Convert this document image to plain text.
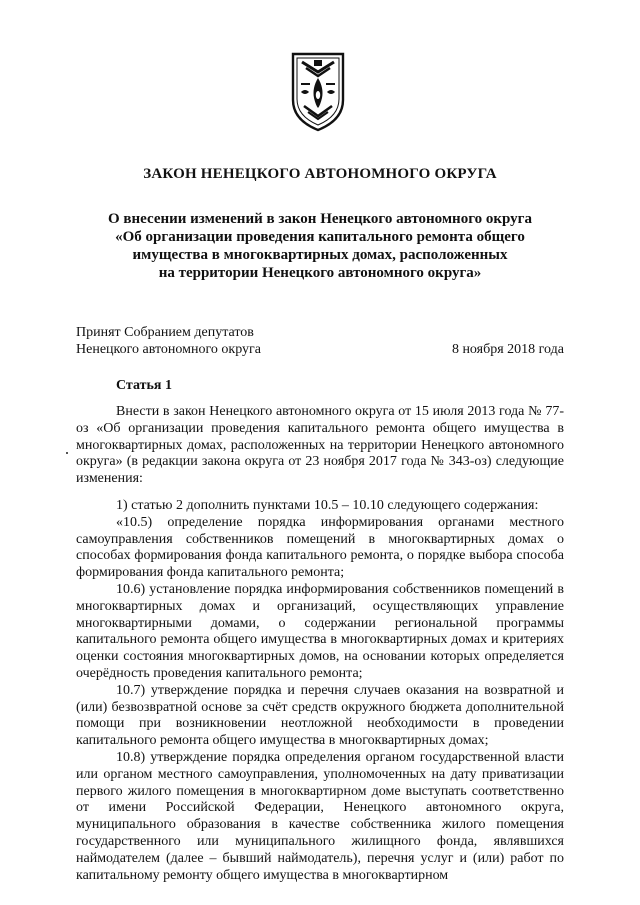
ЗАКОН НЕНЕЦКОГО АВТОНОМНОГО ОКРУГА
О внесении изменений в закон Ненецкого автономного округа
«Об организации проведения капитального ремонта общего
имущества в многоквартирных домах, расположенных
на территории Ненецкого автономного округа»
Принят Собранием депутатов
Ненецкого автономного округа	8 ноября 2018 года
Статья 1

Внести в закон Ненецкого автономного округа от 15 июля 2013 года № 77-оз «Об организации проведения капитального ремонта общего имущества в многоквартирных домах, расположенных на территории Ненецкого автономного округа» (в редакции закона округа от 23 ноября 2017 года № 343-оз) следующие изменения:

1) статью 2 дополнить пунктами 10.5 – 10.10 следующего содержания:

«10.5) определение порядка информирования органами местного самоуправления собственников помещений в многоквартирных домах о способах формирования фонда капитального ремонта, о порядке выбора способа формирования фонда капитального ремонта;

10.6) установление порядка информирования собственников помещений в многоквартирных домах и организаций, осуществляющих управление многоквартирными домами, о содержании региональной программы капитального ремонта общего имущества в многоквартирных домах и критериях оценки состояния многоквартирных домов, на основании которых определяется очерёдность проведения капитального ремонта;

10.7) утверждение порядка и перечня случаев оказания на возвратной и (или) безвозвратной основе за счёт средств окружного бюджета дополнительной помощи при возникновении неотложной необходимости в проведении капитального ремонта общего имущества в многоквартирных домах;

10.8) утверждение порядка определения органом государственной власти или органом местного самоуправления, уполномоченных на дату приватизации первого жилого помещения в многоквартирном доме выступать соответственно от имени Российской Федерации, Ненецкого автономного округа, муниципального образования в качестве собственника жилого помещения государственного или муниципального жилищного фонда, являвшихся наймодателем (далее – бывший наймодатель), перечня услуг и (или) работ по капитальному ремонту общего имущества в многоквартирном
